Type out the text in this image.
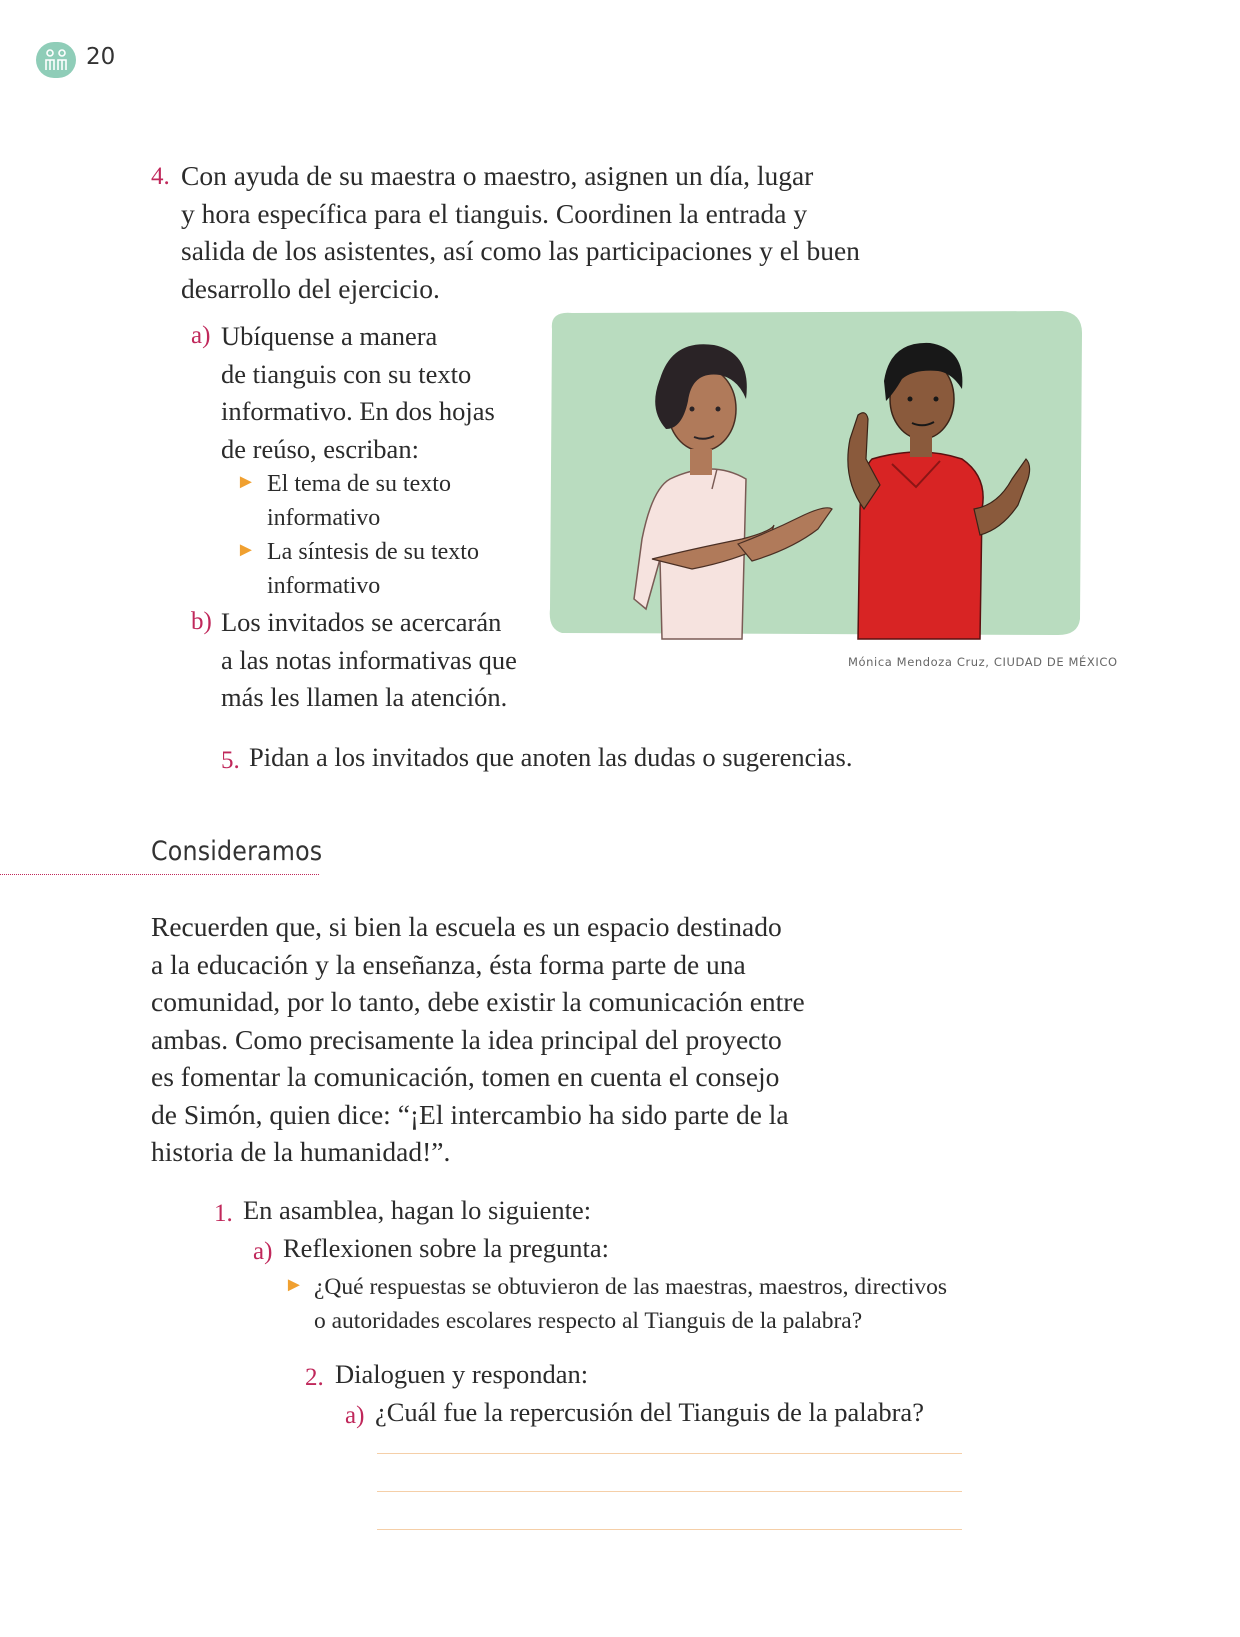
20
4. Con ayuda de su maestra o maestro, asignen un día, lugar
y hora específica para el tianguis. Coordinen la entrada y
salida de los asistentes, así como las participaciones y el buen
desarrollo del ejercicio.
a) Ubíquense a manera
de tianguis con su texto
informativo. En dos hojas
de reúso, escriban:
► El tema de su texto
informativo
► La síntesis de su texto
informativo
b) Los invitados se acercarán
a las notas informativas que
más les llamen la atención.
Mónica Mendoza Cruz, CIUDAD DE MÉXICO
5. Pidan a los invitados que anoten las dudas o sugerencias.
Consideramos
Recuerden que, si bien la escuela es un espacio destinado
a la educación y la enseñanza, ésta forma parte de una
comunidad, por lo tanto, debe existir la comunicación entre
ambas. Como precisamente la idea principal del proyecto
es fomentar la comunicación, tomen en cuenta el consejo
de Simón, quien dice: “¡El intercambio ha sido parte de la
historia de la humanidad!”.
1. En asamblea, hagan lo siguiente:
a) Reflexionen sobre la pregunta:
► ¿Qué respuestas se obtuvieron de las maestras, maestros, directivos
o autoridades escolares respecto al Tianguis de la palabra?
2. Dialoguen y respondan:
a) ¿Cuál fue la repercusión del Tianguis de la palabra?
